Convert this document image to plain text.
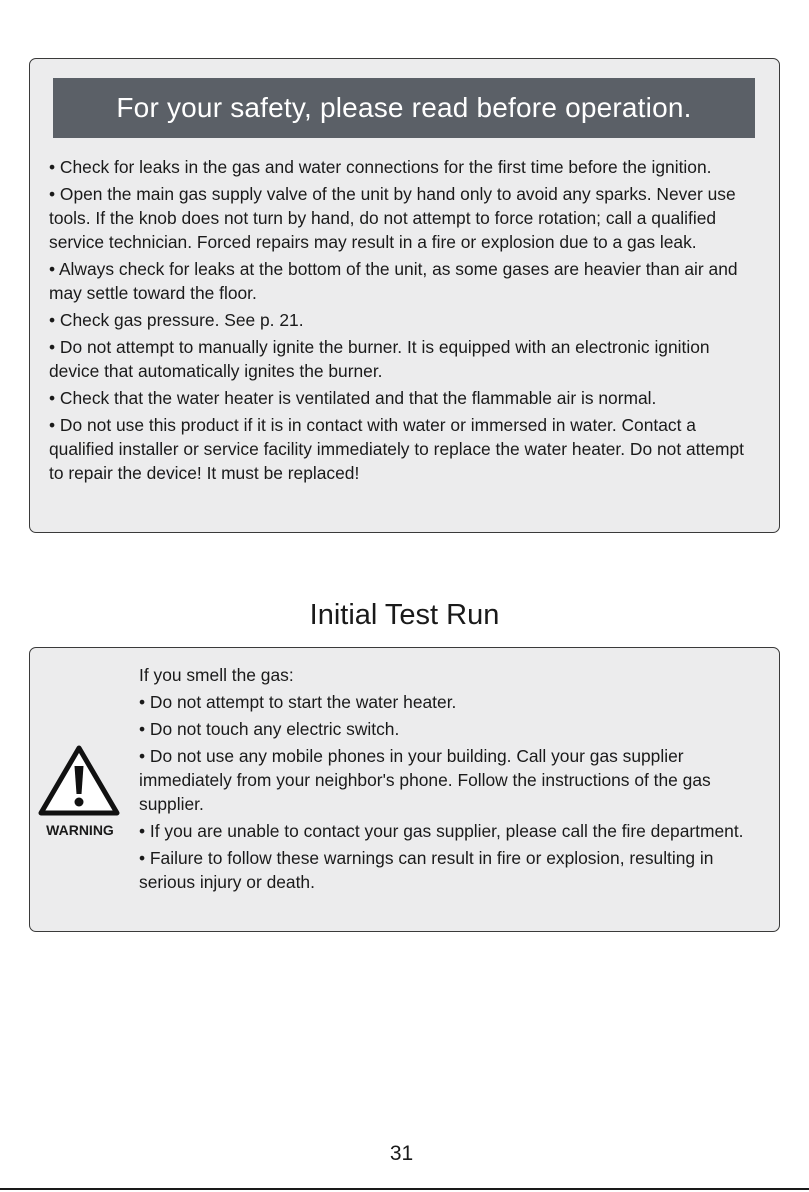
For your safety, please read before operation.

• Check for leaks in the gas and water connections for the first time before the ignition.

• Open the main gas supply valve of the unit by hand only to avoid any sparks. Never use tools. If the knob does not turn by hand, do not attempt to force rotation; call a qualified service technician. Forced repairs may result in a fire or explosion due to a gas leak.

• Always check for leaks at the bottom of the unit, as some gases are heavier than air and may settle toward the floor.

• Check gas pressure. See p. 21.

• Do not attempt to manually ignite the burner. It is equipped with an electronic ignition device that automatically ignites the burner.

• Check that the water heater is ventilated and that the flammable air is normal.

• Do not use this product if it is in contact with water or immersed in water. Contact a qualified installer or service facility immediately to replace the water heater. Do not attempt to repair the device! It must be replaced!

Initial Test Run
WARNING

If you smell the gas:

• Do not attempt to start the water heater.

• Do not touch any electric switch.

• Do not use any mobile phones in your building. Call your gas supplier immediately from your neighbor's phone. Follow the instructions of the gas supplier.

• If you are unable to contact your gas supplier, please call the fire department.

• Failure to follow these warnings can result in fire or explosion, resulting in serious injury or death.

31
